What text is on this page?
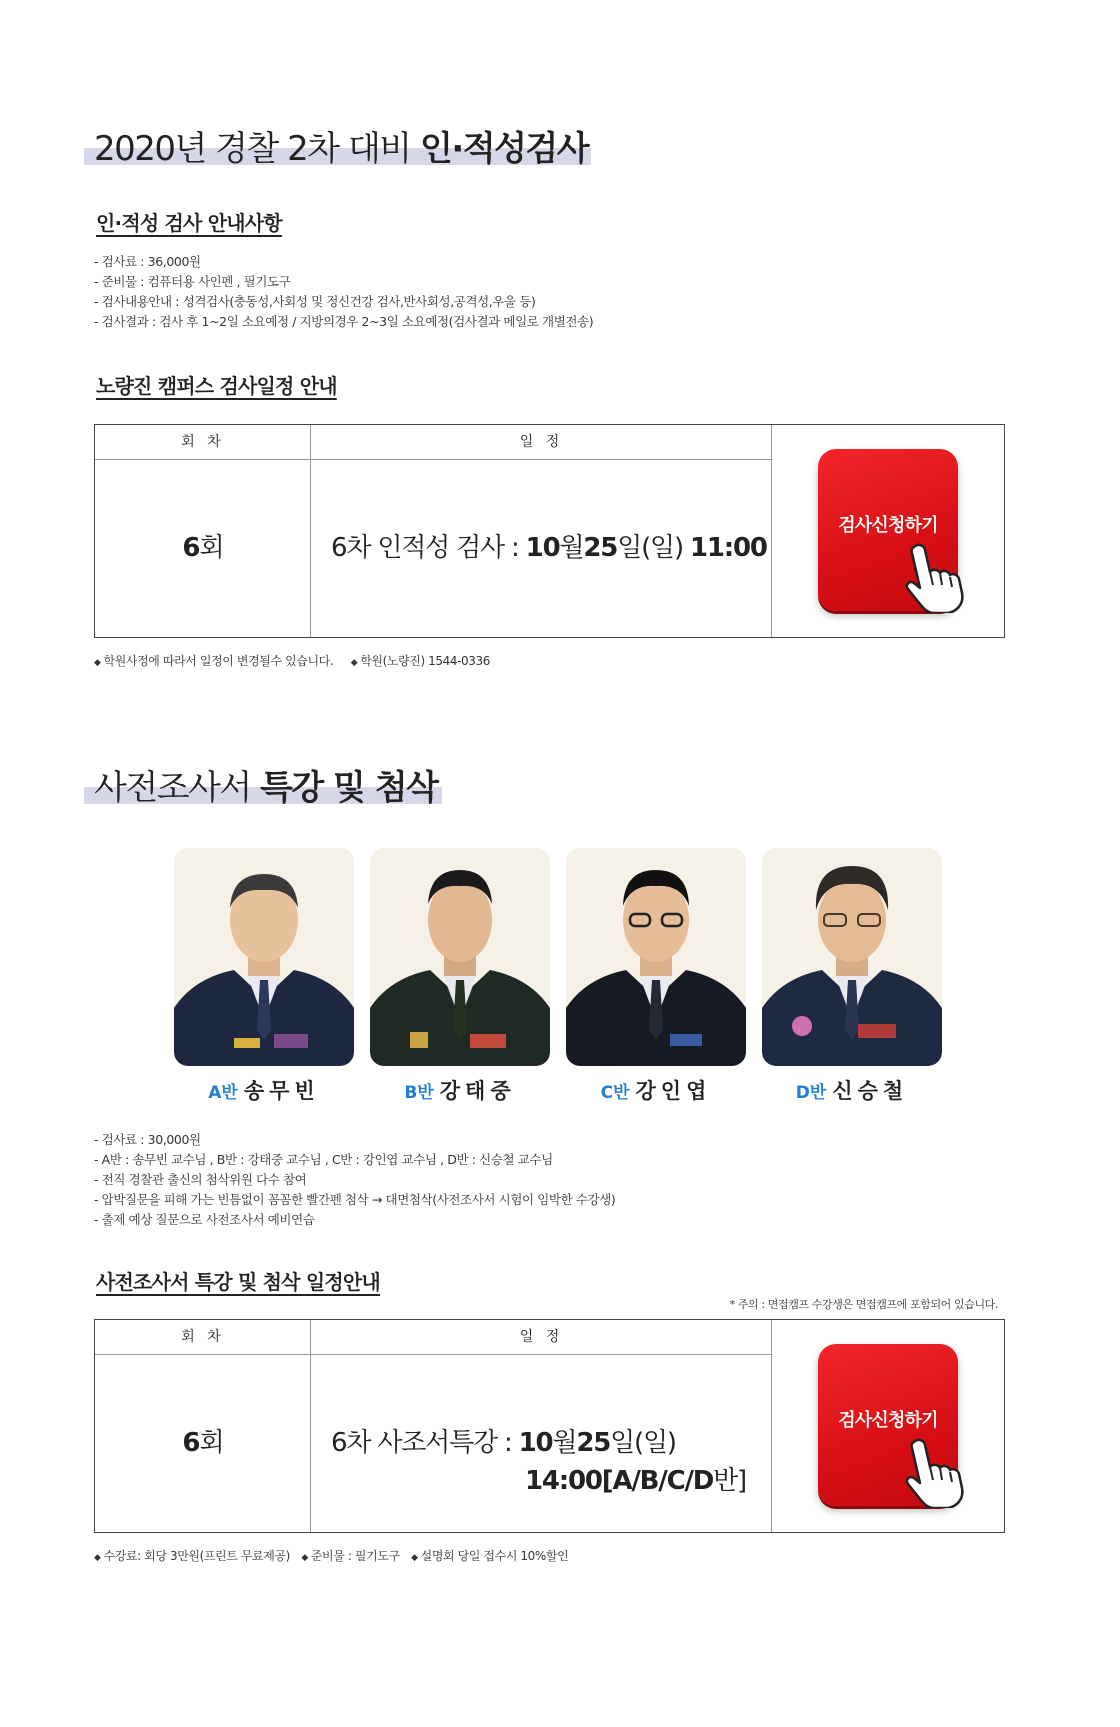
2020년 경찰 2차 대비 인·적성검사
인·적성 검사 안내사항
- 검사료 : 36,000원
- 준비물 : 컴퓨터용 사인펜 , 필기도구
- 검사내용안내 : 성격검사(충동성,사회성 및 정신건강 검사,반사회성,공격성,우울 등)
- 검사결과 : 검사 후 1~2일 소요예정 / 지방의경우 2~3일 소요예정(검사결과 메일로 개별전송)
노량진 캠퍼스 검사일정 안내
회 차	일 정
6회	6차 인적성 검사 : 10월25일(일) 11:00
검사신청하기
◆ 학원사정에 따라서 일정이 변경될수 있습니다. ◆ 학원(노량진) 1544-0336
사전조사서 특강 및 첨삭
A반 송무빈	B반 강태중	C반 강인엽	D반 신승철
- 검사료 : 30,000원
- A반 : 송무빈 교수님 , B반 : 강태중 교수님 , C반 : 강인엽 교수님 , D반 : 신승철 교수님
- 전직 경찰관 출신의 첨삭위원 다수 참여
- 압박질문을 피해 가는 빈틈없이 꼼꼼한 빨간펜 첨삭 → 대면첨삭(사전조사서 시험이 임박한 수강생)
- 출제 예상 질문으로 사전조사서 예비연습
사전조사서 특강 및 첨삭 일정안내
* 주의 : 면접캠프 수강생은 면접캠프에 포함되어 있습니다.
회 차	일 정
6회	6차 사조서특강 : 10월25일(일)
14:00[A/B/C/D반]
검사신청하기
◆ 수강료: 회당 3만원(프린트 무료제공) ◆ 준비물 : 필기도구 ◆ 설명회 당일 접수시 10%할인
